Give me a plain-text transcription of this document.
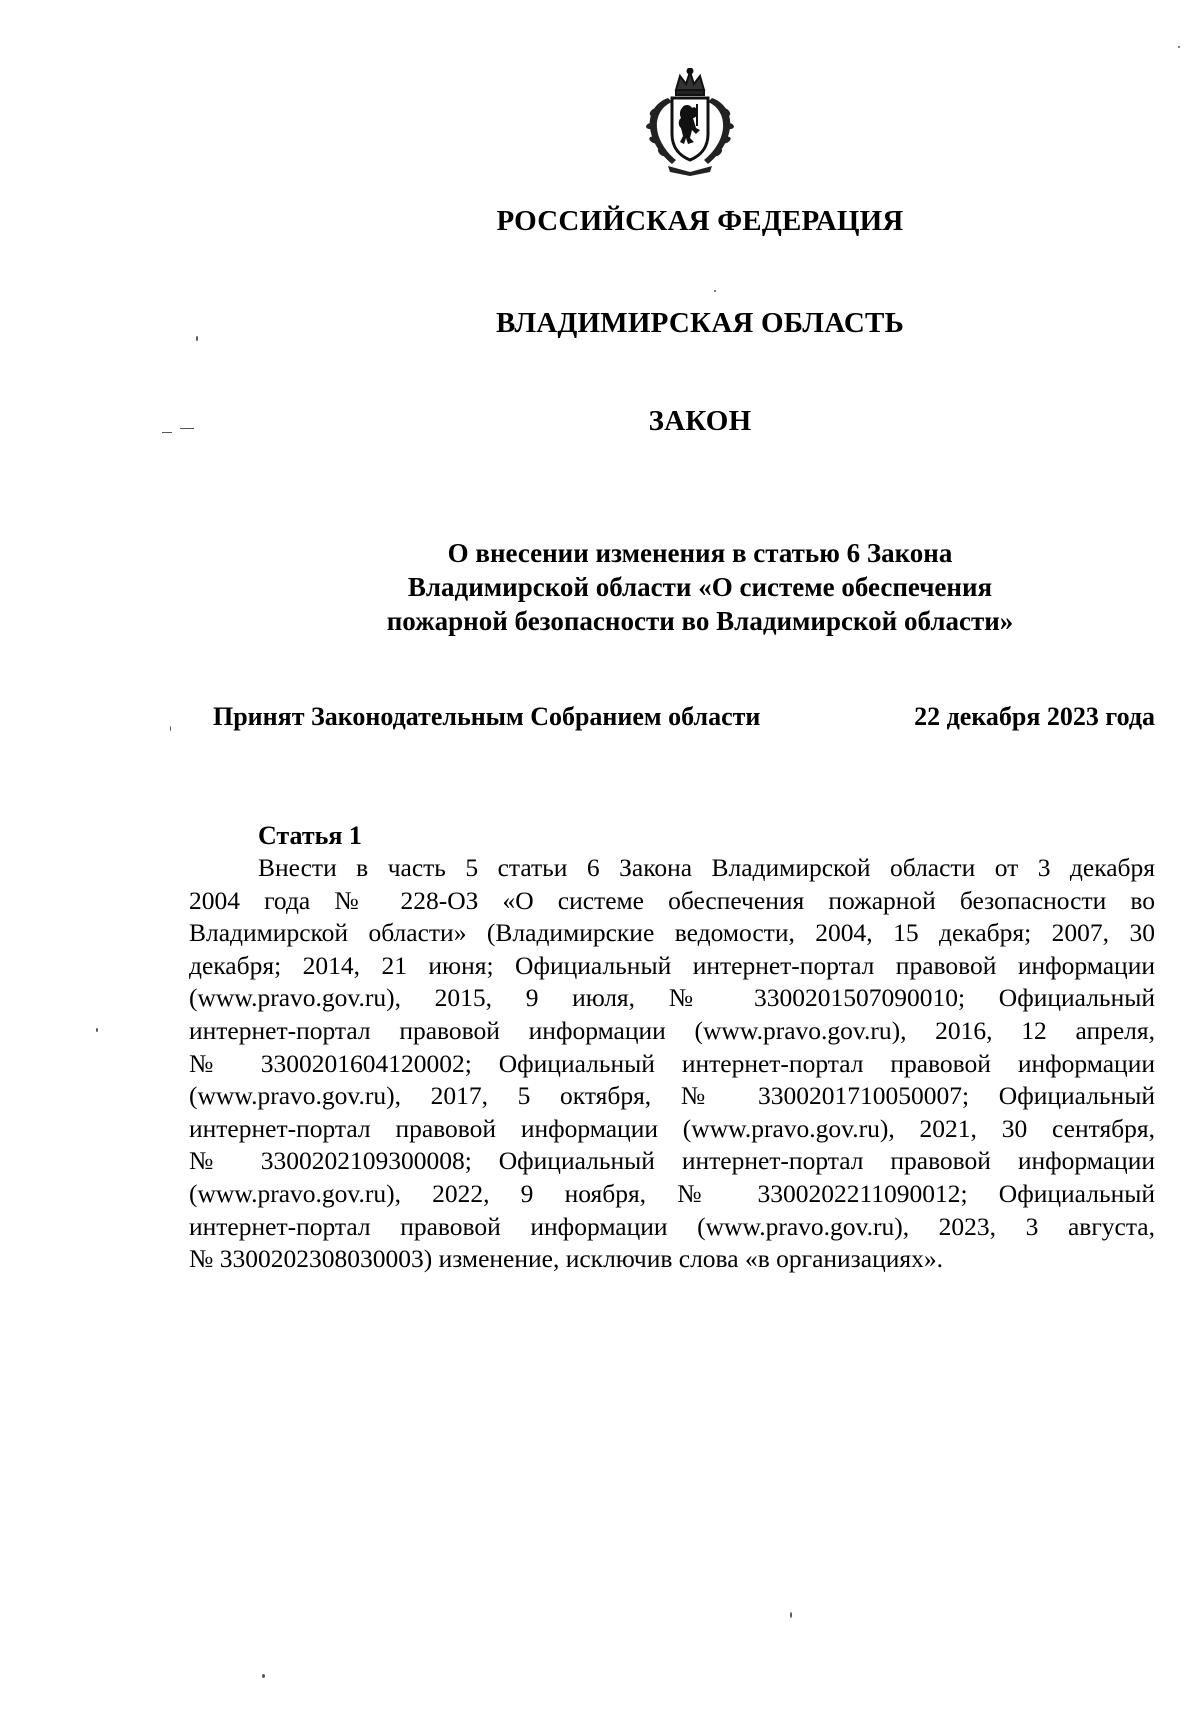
РОССИЙСКАЯ ФЕДЕРАЦИЯ
ВЛАДИМИРСКАЯ ОБЛАСТЬ
ЗАКОН
О внесении изменения в статью 6 Закона
Владимирской области «О системе обеспечения
пожарной безопасности во Владимирской области»
Принят Законодательным Собранием области	22 декабря 2023 года
Статья 1
Внести в часть 5 статьи 6 Закона Владимирской области от 3 декабря
2004 года № 228-ОЗ «О системе обеспечения пожарной безопасности во
Владимирской области» (Владимирские ведомости, 2004, 15 декабря; 2007, 30
декабря; 2014, 21 июня; Официальный интернет-портал правовой информации
(www.pravo.gov.ru), 2015, 9 июля, № 3300201507090010; Официальный
интернет-портал правовой информации (www.pravo.gov.ru), 2016, 12 апреля,
№ 3300201604120002; Официальный интернет-портал правовой информации
(www.pravo.gov.ru), 2017, 5 октября, № 3300201710050007; Официальный
интернет-портал правовой информации (www.pravo.gov.ru), 2021, 30 сентября,
№ 3300202109300008; Официальный интернет-портал правовой информации
(www.pravo.gov.ru), 2022, 9 ноября, № 3300202211090012; Официальный
интернет-портал правовой информации (www.pravo.gov.ru), 2023, 3 августа,
№ 3300202308030003) изменение, исключив слова «в организациях».
